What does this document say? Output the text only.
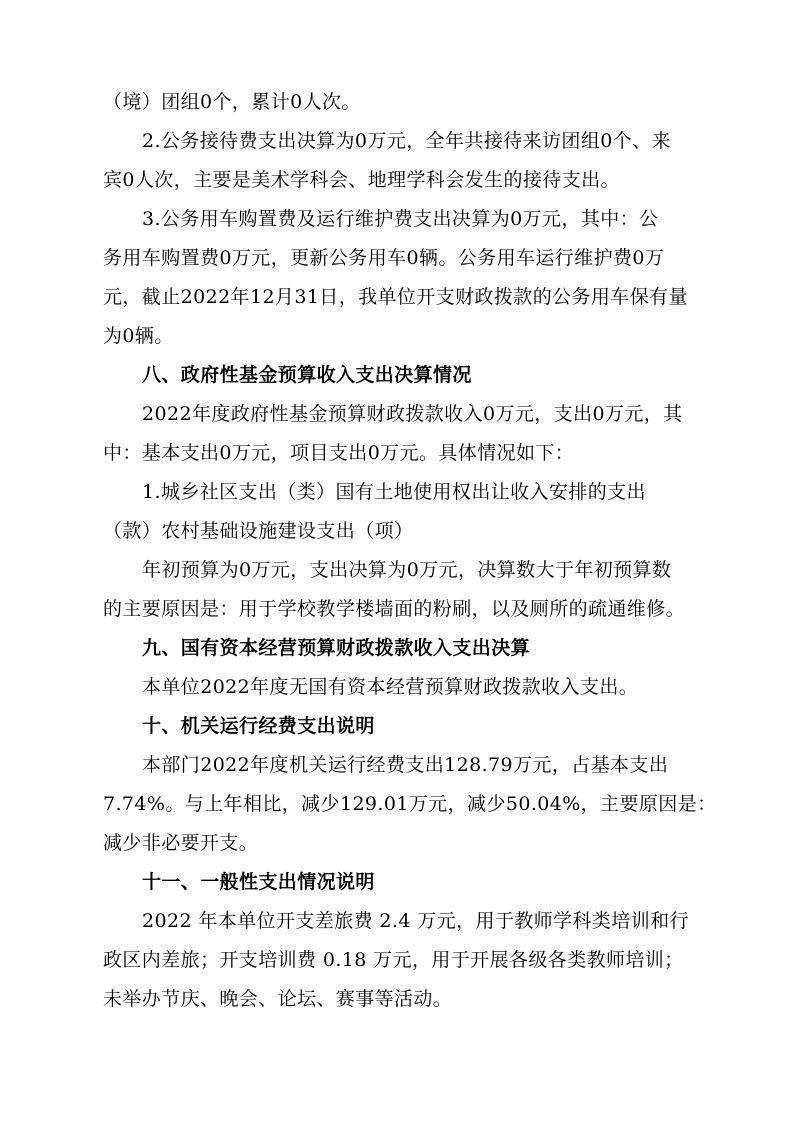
（境）团组0个，累计0人次。
2.公务接待费支出决算为0万元，全年共接待来访团组0个、来
宾0人次，主要是美术学科会、地理学科会发生的接待支出。
3.公务用车购置费及运行维护费支出决算为0万元，其中：公
务用车购置费0万元，更新公务用车0辆。公务用车运行维护费0万
元，截止2022年12月31日，我单位开支财政拨款的公务用车保有量
为0辆。
八、政府性基金预算收入支出决算情况
2022年度政府性基金预算财政拨款收入0万元，支出0万元，其
中：基本支出0万元，项目支出0万元。具体情况如下：
1.城乡社区支出（类）国有土地使用权出让收入安排的支出
（款）农村基础设施建设支出（项）
年初预算为0万元，支出决算为0万元，决算数大于年初预算数
的主要原因是：用于学校教学楼墙面的粉刷，以及厕所的疏通维修。
九、国有资本经营预算财政拨款收入支出决算
本单位2022年度无国有资本经营预算财政拨款收入支出。
十、机关运行经费支出说明
本部门2022年度机关运行经费支出128.79万元，占基本支出
7.74%。与上年相比，减少129.01万元，减少50.04%，主要原因是：
减少非必要开支。
十一、一般性支出情况说明
2022 年本单位开支差旅费 2.4 万元，用于教师学科类培训和行
政区内差旅；开支培训费 0.18 万元，用于开展各级各类教师培训；
未举办节庆、晚会、论坛、赛事等活动。
